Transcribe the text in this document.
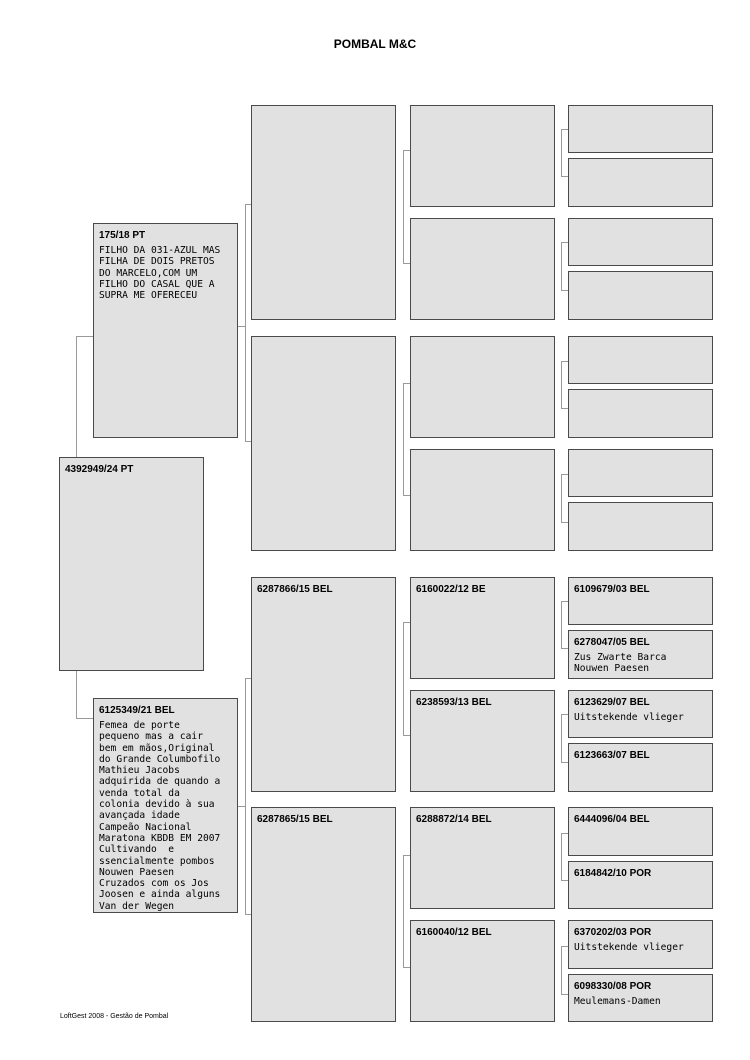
POMBAL M&C
4392949/24 PT
175/18 PT
FILHO DA 031-AZUL MAS
FILHA DE DOIS PRETOS
DO MARCELO,COM UM
FILHO DO CASAL QUE A
SUPRA ME OFERECEU
6125349/21 BEL
Femea de porte
pequeno mas a cair
bem em mãos,Original
do Grande Columbofilo
Mathieu Jacobs
adquirida de quando a
venda total da
colonia devido à sua
avançada idade
Campeão Nacional
Maratona KBDB EM 2007
Cultivando  e
ssencialmente pombos
Nouwen Paesen
Cruzados com os Jos
Joosen e ainda alguns
Van der Wegen
6287866/15 BEL
6287865/15 BEL
6160022/12 BE
6238593/13 BEL
6288872/14 BEL
6160040/12 BEL
6109679/03 BEL
6278047/05 BEL
Zus Zwarte Barca
Nouwen Paesen
6123629/07 BEL
Uitstekende vlieger
6123663/07 BEL
6444096/04 BEL
6184842/10 POR
6370202/03 POR
Uitstekende vlieger
6098330/08 POR
Meulemans-Damen
LoftGest 2008 - Gestão de Pombal
